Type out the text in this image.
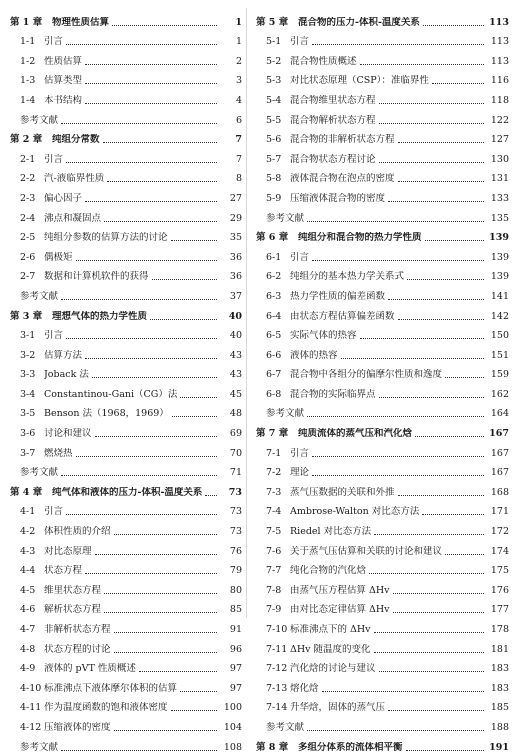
第 1 章	物理性质估算	1
1-1 引言	1
1-2 性质估算	2
1-3 估算类型	3
1-4 本书结构	4
参考文献	6
第 2 章	纯组分常数	7
2-1 引言	7
2-2 汽-液临界性质	8
2-3 偏心因子	27
2-4 沸点和凝固点	29
2-5 纯组分参数的估算方法的讨论	35
2-6 偶极矩	36
2-7 数据和计算机软件的获得	36
参考文献	37
第 3 章	理想气体的热力学性质	40
3-1 引言	40
3-2 估算方法	43
3-3 Joback 法	43
3-4 Constantinou-Gani（CG）法	45
3-5 Benson 法（1968，1969）	48
3-6 讨论和建议	69
3-7 燃烧热	70
参考文献	71
第 4 章	纯气体和液体的压力-体积-温度关系	73
4-1 引言	73
4-2 体积性质的介绍	73
4-3 对比态原理	76
4-4 状态方程	79
4-5 维里状态方程	80
4-6 解析状态方程	85
4-7 非解析状态方程	91
4-8 状态方程的讨论	96
4-9 液体的 pVT 性质概述	97
4-10 标准沸点下液体摩尔体积的估算	97
4-11 作为温度函数的饱和液体密度	100
4-12 压缩液体的密度	104
参考文献	108
第 5 章	混合物的压力-体积-温度关系	113
5-1 引言	113
5-2 混合物性质概述	113
5-3 对比状态原理（CSP）：准临界性	116
5-4 混合物维里状态方程	118
5-5 混合物解析状态方程	122
5-6 混合物的非解析状态方程	127
5-7 混合物状态方程讨论	130
5-8 液体混合物在泡点的密度	131
5-9 压缩液体混合物的密度	133
参考文献	135
第 6 章	纯组分和混合物的热力学性质	139
6-1 引言	139
6-2 纯组分的基本热力学关系式	139
6-3 热力学性质的偏差函数	141
6-4 由状态方程估算偏差函数	142
6-5 实际气体的热容	150
6-6 液体的热容	151
6-7 混合物中各组分的偏摩尔性质和逸度	159
6-8 混合物的实际临界点	162
参考文献	164
第 7 章	纯质流体的蒸气压和汽化焓	167
7-1 引言	167
7-2 理论	167
7-3 蒸气压数据的关联和外推	168
7-4 Ambrose-Walton 对比态方法	171
7-5 Riedel 对比态方法	172
7-6 关于蒸气压估算和关联的讨论和建议	174
7-7 纯化合物的汽化焓	175
7-8 由蒸气压方程估算 ΔHv	176
7-9 由对比态定律估算 ΔHv	177
7-10 标准沸点下的 ΔHv	178
7-11 ΔHv 随温度的变化	181
7-12 汽化焓的讨论与建议	183
7-13 熔化焓	183
7-14 升华焓，固体的蒸气压	185
参考文献	188
第 8 章	多组分体系的流体相平衡	191
